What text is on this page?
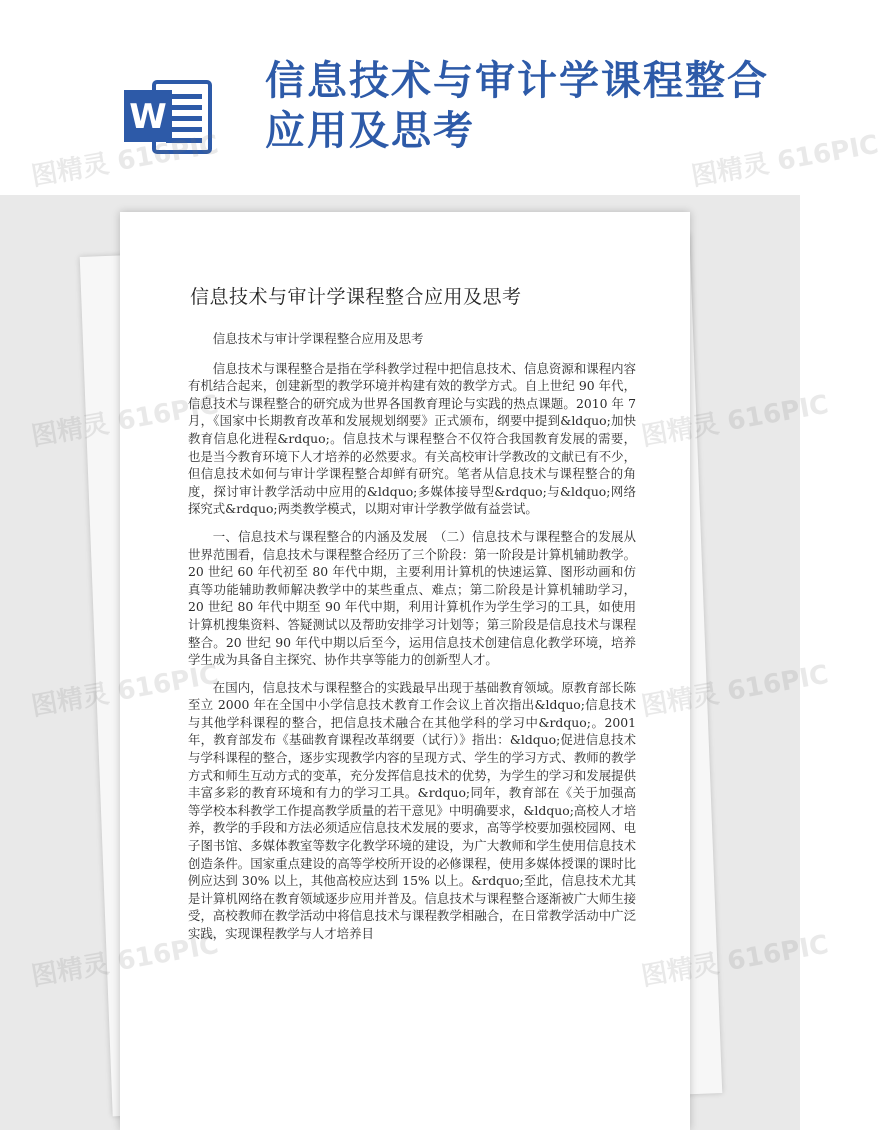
W
信息技术与审计学课程整合应用及思考
信息技术与审计学课程整合应用及思考

信息技术与审计学课程整合应用及思考

信息技术与课程整合是指在学科教学过程中把信息技术、信息资源和课程内容有机结合起来，创建新型的教学环境并构建有效的教学方式。自上世纪 90 年代，信息技术与课程整合的研究成为世界各国教育理论与实践的热点课题。2010 年 7 月，《国家中长期教育改革和发展规划纲要》正式颁布，纲要中提到&ldquo;加快教育信息化进程&rdquo;。信息技术与课程整合不仅符合我国教育发展的需要，也是当今教育环境下人才培养的必然要求。有关高校审计学教改的文献已有不少，但信息技术如何与审计学课程整合却鲜有研究。笔者从信息技术与课程整合的角度，探讨审计教学活动中应用的&ldquo;多媒体接导型&rdquo;与&ldquo;网络探究式&rdquo;两类教学模式，以期对审计学教学做有益尝试。

一、信息技术与课程整合的内涵及发展　（二）信息技术与课程整合的发展从世界范围看，信息技术与课程整合经历了三个阶段：第一阶段是计算机辅助教学。20 世纪 60 年代初至 80 年代中期，主要利用计算机的快速运算、图形动画和仿真等功能辅助教师解决教学中的某些重点、难点；第二阶段是计算机辅助学习，20 世纪 80 年代中期至 90 年代中期，利用计算机作为学生学习的工具，如使用计算机搜集资料、答疑测试以及帮助安排学习计划等；第三阶段是信息技术与课程整合。20 世纪 90 年代中期以后至今，运用信息技术创建信息化教学环境，培养学生成为具备自主探究、协作共享等能力的创新型人才。

在国内，信息技术与课程整合的实践最早出现于基础教育领域。原教育部长陈至立 2000 年在全国中小学信息技术教育工作会议上首次指出&ldquo;信息技术与其他学科课程的整合，把信息技术融合在其他学科的学习中&rdquo;。2001 年，教育部发布《基础教育课程改革纲要（试行）》指出：&ldquo;促进信息技术与学科课程的整合，逐步实现教学内容的呈现方式、学生的学习方式、教师的教学方式和师生互动方式的变革，充分发挥信息技术的优势，为学生的学习和发展提供丰富多彩的教育环境和有力的学习工具。&rdquo;同年，教育部在《关于加强高等学校本科教学工作提高教学质量的若干意见》中明确要求，&ldquo;高校人才培养，教学的手段和方法必须适应信息技术发展的要求，高等学校要加强校园网、电子图书馆、多媒体教室等数字化教学环境的建设，为广大教师和学生使用信息技术创造条件。国家重点建设的高等学校所开设的必修课程，使用多媒体授课的课时比例应达到 30% 以上，其他高校应达到 15% 以上。&rdquo;至此，信息技术尤其是计算机网络在教育领域逐步应用并普及。信息技术与课程整合逐渐被广大师生接受，高校教师在教学活动中将信息技术与课程教学相融合，在日常教学活动中广泛实践，实现课程教学与人才培养目

616PIC
